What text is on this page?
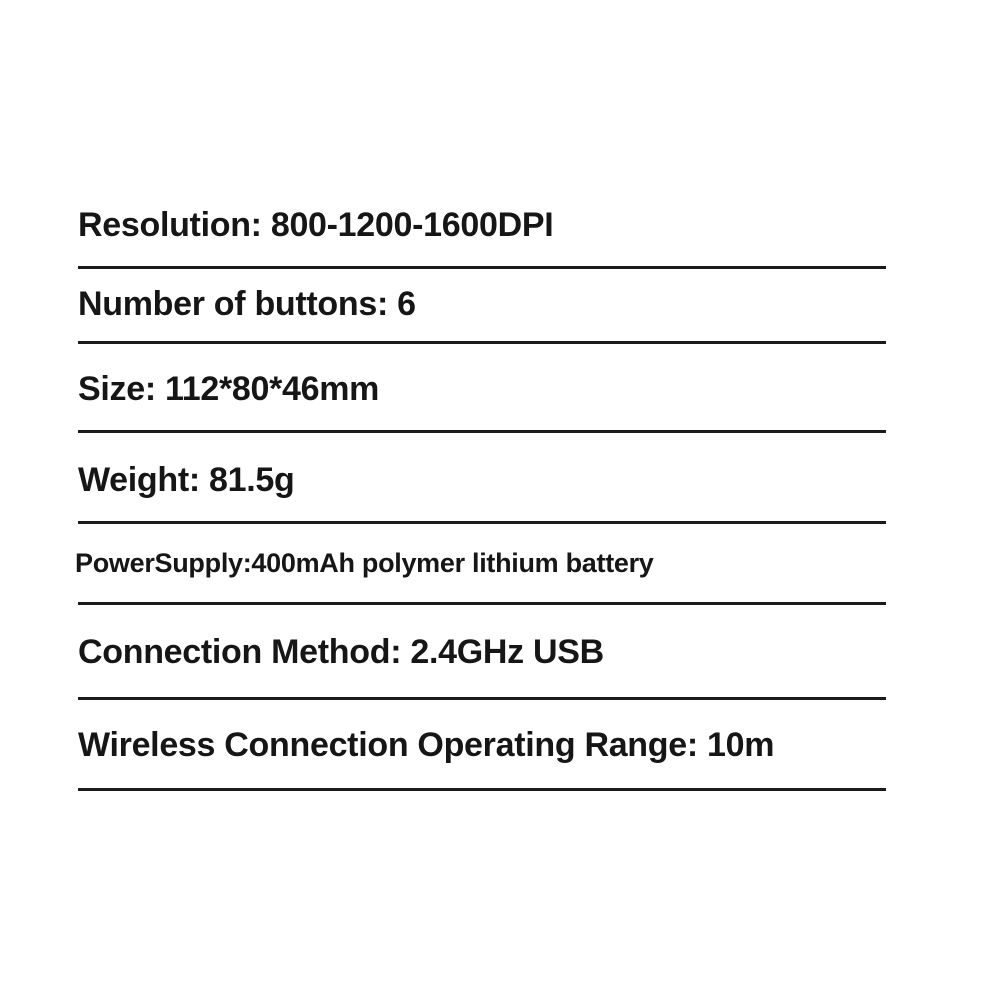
Resolution: 800-1200-1600DPI
Number of buttons: 6
Size: 112*80*46mm
Weight: 81.5g
PowerSupply:400mAh polymer lithium battery
Connection Method: 2.4GHz USB
Wireless Connection Operating Range: 10m
